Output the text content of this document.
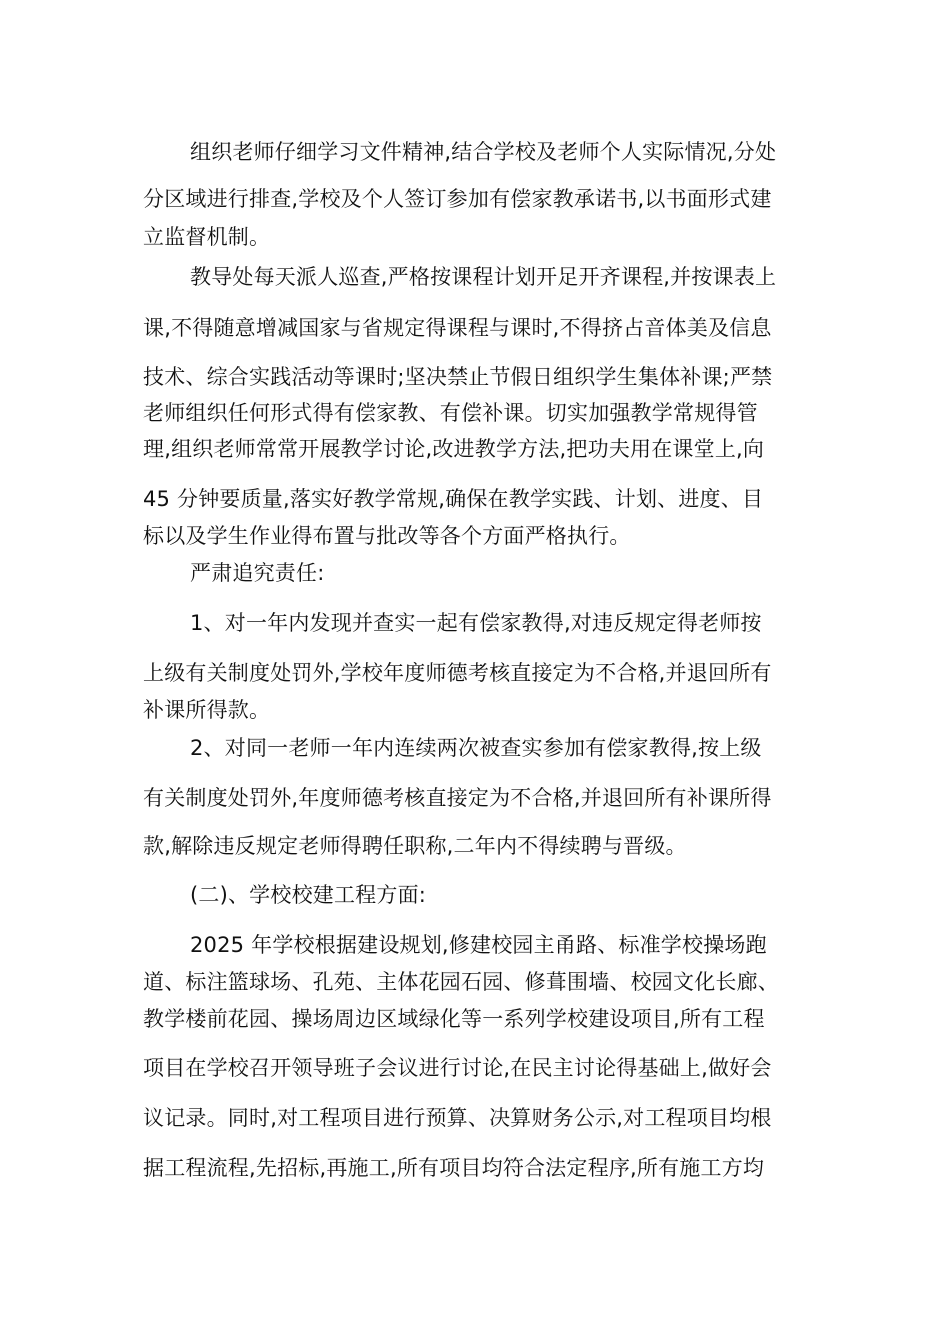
组织老师仔细学习文件精神,结合学校及老师个人实际情况,分处
分区域进行排查,学校及个人签订参加有偿家教承诺书,以书面形式建
立监督机制。
教导处每天派人巡查,严格按课程计划开足开齐课程,并按课表上
课,不得随意增减国家与省规定得课程与课时,不得挤占音体美及信息
技术、综合实践活动等课时;坚决禁止节假日组织学生集体补课;严禁
老师组织任何形式得有偿家教、有偿补课。切实加强教学常规得管
理,组织老师常常开展教学讨论,改进教学方法,把功夫用在课堂上,向
45 分钟要质量,落实好教学常规,确保在教学实践、计划、进度、目
标以及学生作业得布置与批改等各个方面严格执行。
严肃追究责任:
1、对一年内发现并查实一起有偿家教得,对违反规定得老师按
上级有关制度处罚外,学校年度师德考核直接定为不合格,并退回所有
补课所得款。
2、对同一老师一年内连续两次被查实参加有偿家教得,按上级
有关制度处罚外,年度师德考核直接定为不合格,并退回所有补课所得
款,解除违反规定老师得聘任职称,二年内不得续聘与晋级。
(二)、学校校建工程方面:
2025 年学校根据建设规划,修建校园主甬路、标准学校操场跑
道、标注篮球场、孔苑、主体花园石园、修葺围墙、校园文化长廊、
教学楼前花园、操场周边区域绿化等一系列学校建设项目,所有工程
项目在学校召开领导班子会议进行讨论,在民主讨论得基础上,做好会
议记录。同时,对工程项目进行预算、决算财务公示,对工程项目均根
据工程流程,先招标,再施工,所有项目均符合法定程序,所有施工方均
